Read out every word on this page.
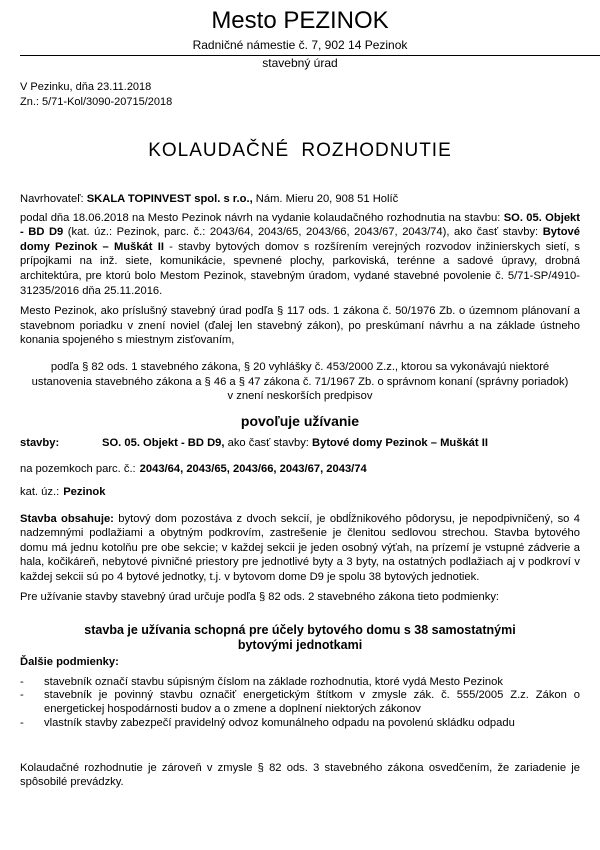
Mesto PEZINOK
Radničné námestie č. 7, 902 14 Pezinok
stavebný úrad
V Pezinku, dňa 23.11.2018
Zn.: 5/71-Kol/3090-20715/2018
KOLAUDAČNÉ ROZHODNUTIE
Navrhovateľ: SKALA TOPINVEST spol. s r.o., Nám. Mieru 20, 908 51 Holíč
podal dňa 18.06.2018 na Mesto Pezinok návrh na vydanie kolaudačného rozhodnutia na stavbu: SO. 05. Objekt - BD D9 (kat. úz.: Pezinok, parc. č.: 2043/64, 2043/65, 2043/66, 2043/67, 2043/74), ako časť stavby: Bytové domy Pezinok – Muškát II - stavby bytových domov s rozšírením verejných rozvodov inžinierskych sietí, s prípojkami na inž. siete, komunikácie, spevnené plochy, parkoviská, terénne a sadové úpravy, drobná architektúra, pre ktorú bolo Mestom Pezinok, stavebným úradom, vydané stavebné povolenie č. 5/71-SP/4910-31235/2016 dňa 25.11.2016.
Mesto Pezinok, ako príslušný stavebný úrad podľa § 117 ods. 1 zákona č. 50/1976 Zb. o územnom plánovaní a stavebnom poriadku v znení noviel (ďalej len stavebný zákon), po preskúmaní návrhu a na základe ústneho konania spojeného s miestnym zisťovaním,
podľa § 82 ods. 1 stavebného zákona, § 20 vyhlášky č. 453/2000 Z.z., ktorou sa vykonávajú niektoré ustanovenia stavebného zákona a § 46 a § 47 zákona č. 71/1967 Zb. o správnom konaní (správny poriadok) v znení neskorších predpisov
povoľuje užívanie
stavby:	SO. 05. Objekt - BD D9, ako časť stavby: Bytové domy Pezinok – Muškát II
na pozemkoch parc. č.: 2043/64, 2043/65, 2043/66, 2043/67, 2043/74
kat. úz.: Pezinok
Stavba obsahuje: bytový dom pozostáva z dvoch sekcií, je obdĺžnikového pôdorysu, je nepodpivničený, so 4 nadzemnými podlažiami a obytným podkrovím, zastrešenie je členitou sedlovou strechou. Stavba bytového domu má jednu kotolňu pre obe sekcie; v každej sekcii je jeden osobný výťah, na prízemí je vstupné zádverie a hala, kočikáreň, nebytové pivničné priestory pre jednotlivé byty a 3 byty, na ostatných podlažiach aj v podkroví v každej sekcii sú po 4 bytové jednotky, t.j. v bytovom dome D9 je spolu 38 bytových jednotiek.
Pre užívanie stavby stavebný úrad určuje podľa § 82 ods. 2 stavebného zákona tieto podmienky:
stavba je užívania schopná pre účely bytového domu s 38 samostatnými bytovými jednotkami
Ďalšie podmienky:
- stavebník označí stavbu súpisným číslom na základe rozhodnutia, ktoré vydá Mesto Pezinok
- stavebník je povinný stavbu označiť energetickým štítkom v zmysle zák. č. 555/2005 Z.z. Zákon o energetickej hospodárnosti budov a o zmene a doplnení niektorých zákonov
- vlastník stavby zabezpečí pravidelný odvoz komunálneho odpadu na povolenú skládku odpadu
Kolaudačné rozhodnutie je zároveň v zmysle § 82 ods. 3 stavebného zákona osvedčením, že zariadenie je spôsobilé prevádzky.
